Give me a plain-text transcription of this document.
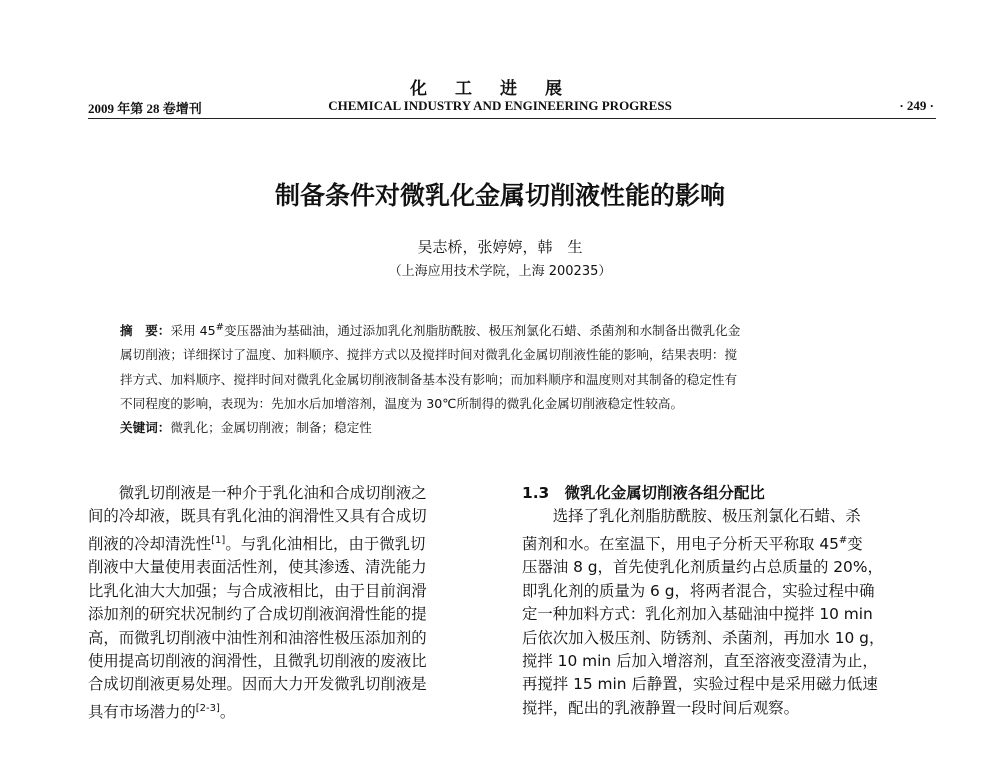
化工进展
2009 年第 28 卷增刊	CHEMICAL INDUSTRY AND ENGINEERING PROGRESS	· 249 ·
制备条件对微乳化金属切削液性能的影响
吴志桥，张婷婷，韩　生
（上海应用技术学院，上海 200235）
摘　要：采用 45#变压器油为基础油，通过添加乳化剂脂肪酰胺、极压剂氯化石蜡、杀菌剂和水制备出微乳化金
属切削液；详细探讨了温度、加料顺序、搅拌方式以及搅拌时间对微乳化金属切削液性能的影响，结果表明：搅
拌方式、加料顺序、搅拌时间对微乳化金属切削液制备基本没有影响；而加料顺序和温度则对其制备的稳定性有
不同程度的影响，表现为：先加水后加增溶剂，温度为 30℃所制得的微乳化金属切削液稳定性较高。
关键词：微乳化；金属切削液；制备；稳定性
　　微乳切削液是一种介于乳化油和合成切削液之
间的冷却液，既具有乳化油的润滑性又具有合成切
削液的冷却清洗性[1]。与乳化油相比，由于微乳切
削液中大量使用表面活性剂，使其渗透、清洗能力
比乳化油大大加强；与合成液相比，由于目前润滑
添加剂的研究状况制约了合成切削液润滑性能的提
高，而微乳切削液中油性剂和油溶性极压添加剂的
使用提高切削液的润滑性，且微乳切削液的废液比
合成切削液更易处理。因而大力开发微乳切削液是
具有市场潜力的[2-3]。
1.3　微乳化金属切削液各组分配比
　　选择了乳化剂脂肪酰胺、极压剂氯化石蜡、杀
菌剂和水。在室温下，用电子分析天平称取 45#变
压器油 8 g，首先使乳化剂质量约占总质量的 20%，
即乳化剂的质量为 6 g，将两者混合，实验过程中确
定一种加料方式：乳化剂加入基础油中搅拌 10 min
后依次加入极压剂、防锈剂、杀菌剂，再加水 10 g，
搅拌 10 min 后加入增溶剂，直至溶液变澄清为止，
再搅拌 15 min 后静置，实验过程中是采用磁力低速
搅拌，配出的乳液静置一段时间后观察。
